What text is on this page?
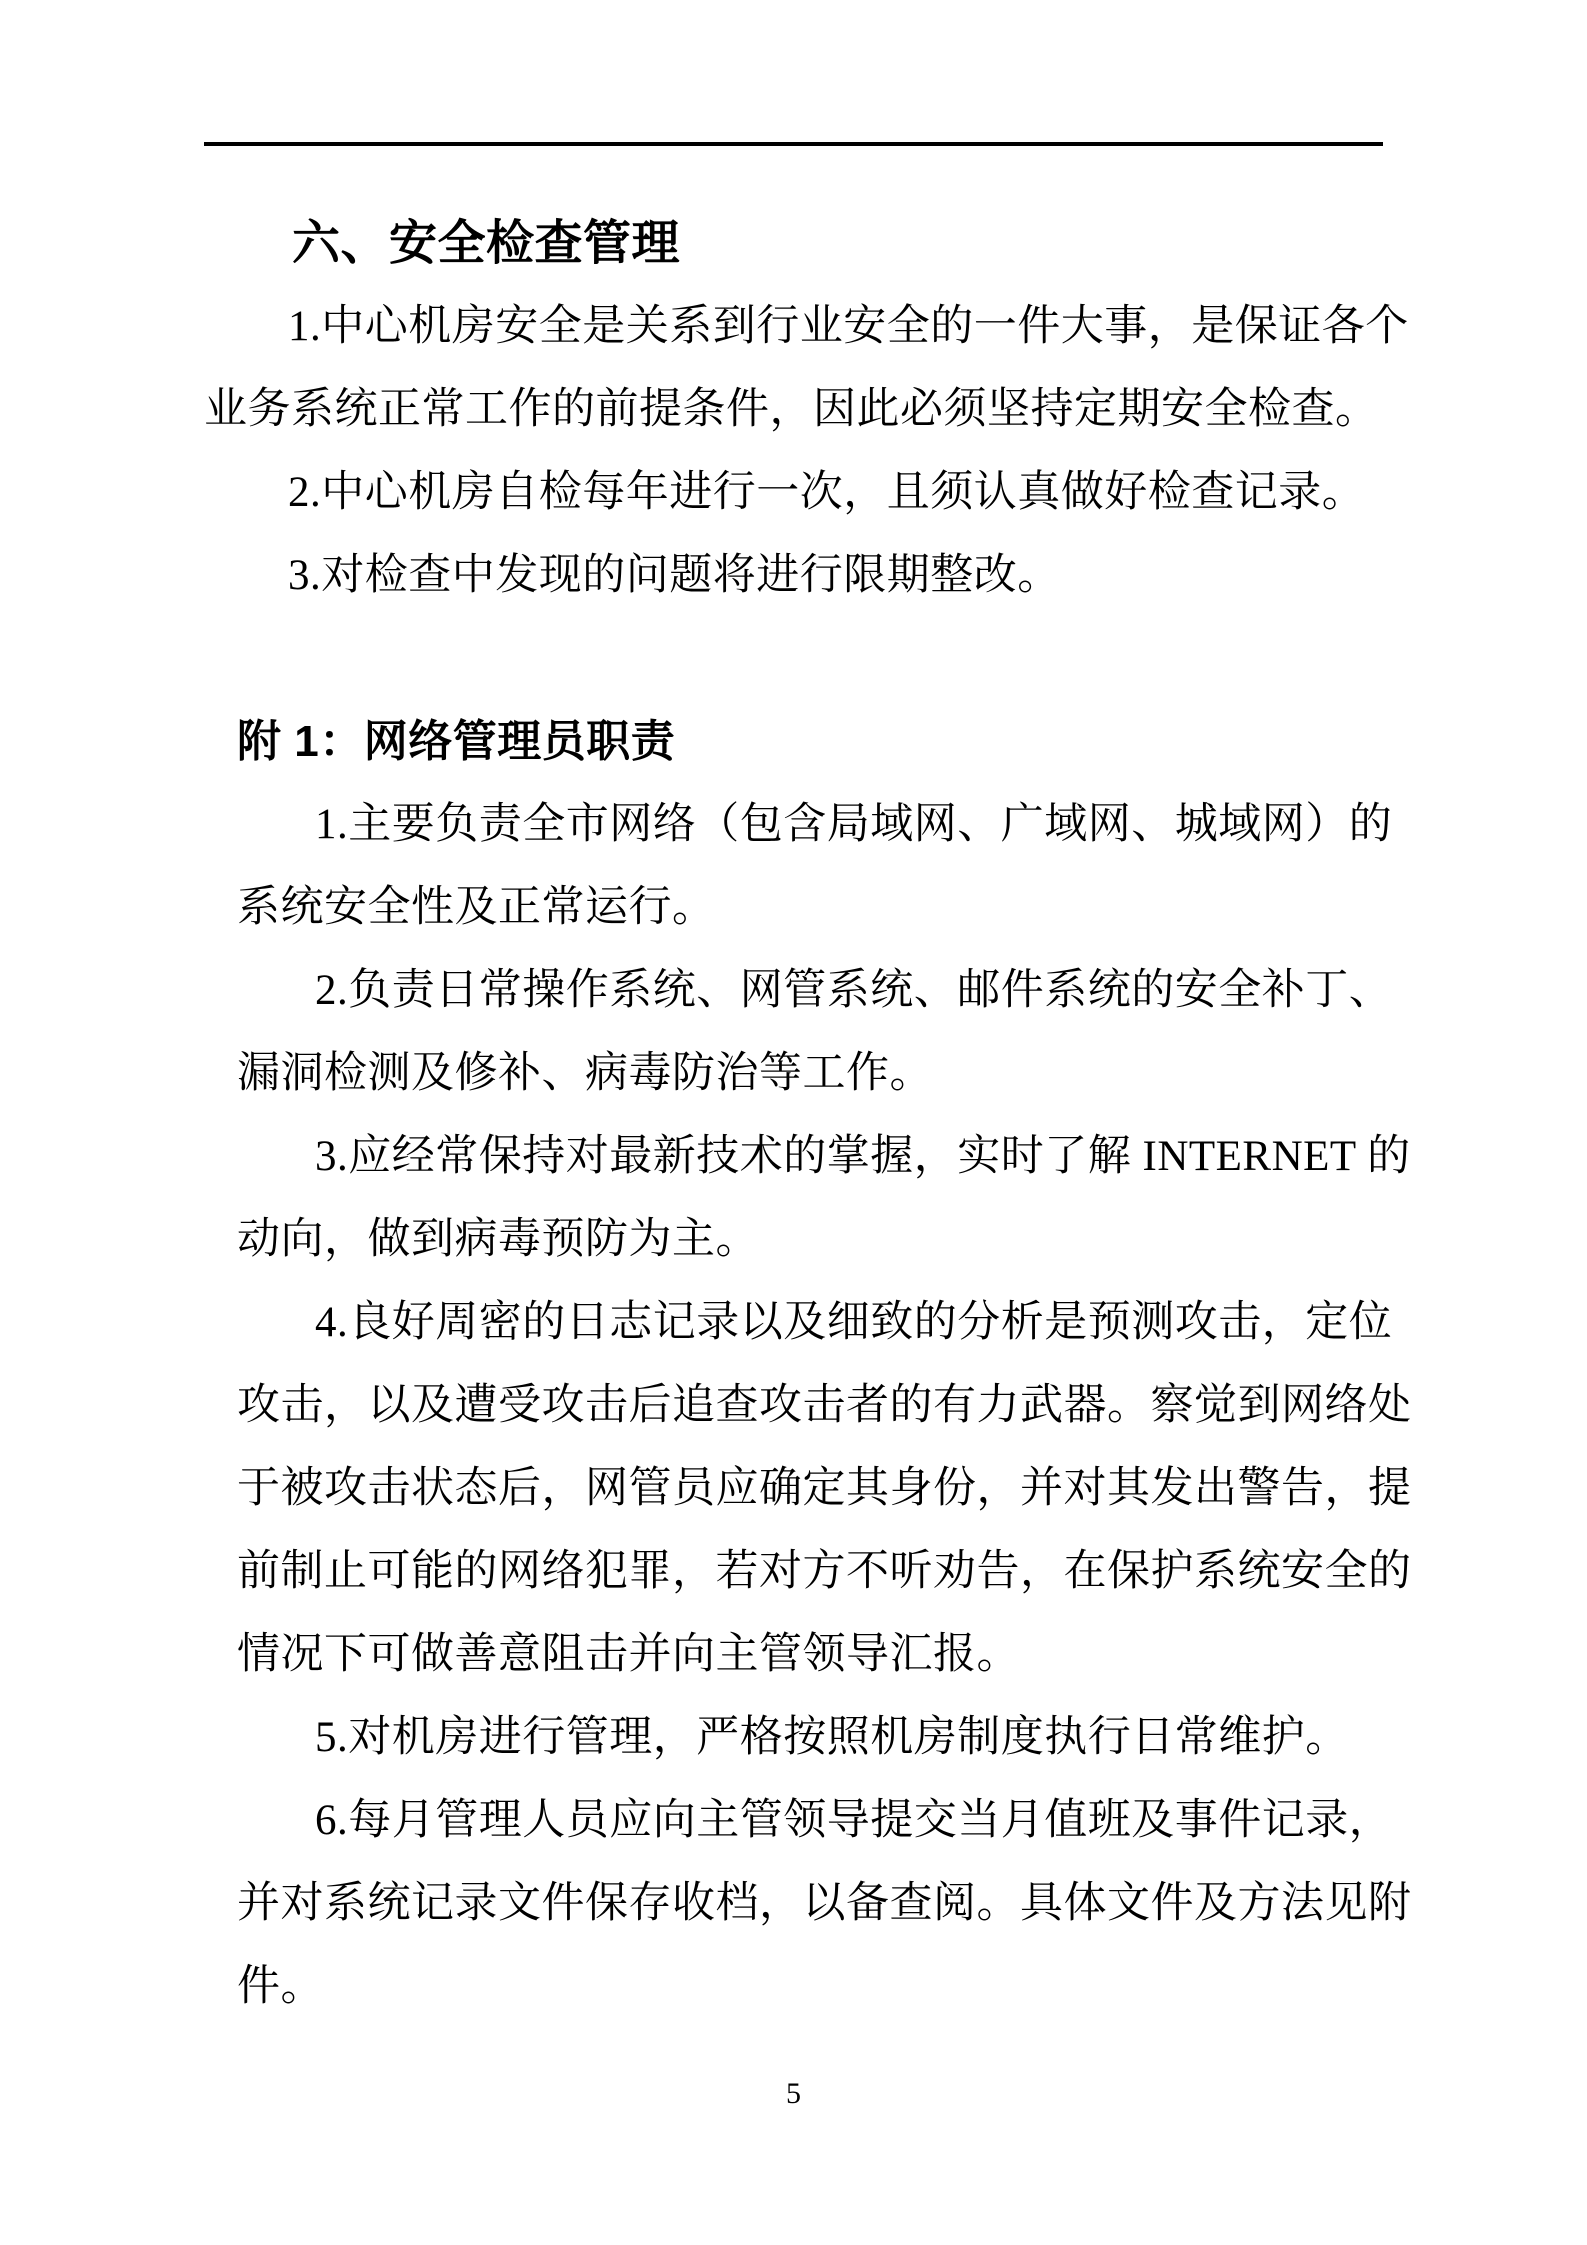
六、安全检查管理
1.中心机房安全是关系到行业安全的一件大事，是保证各个
业务系统正常工作的前提条件，因此必须坚持定期安全检查。
2.中心机房自检每年进行一次，且须认真做好检查记录。
3.对检查中发现的问题将进行限期整改。
附 1：网络管理员职责
1.主要负责全市网络（包含局域网、广域网、城域网）的
系统安全性及正常运行。
2.负责日常操作系统、网管系统、邮件系统的安全补丁、
漏洞检测及修补、病毒防治等工作。
3.应经常保持对最新技术的掌握，实时了解 INTERNET 的
动向，做到病毒预防为主。
4.良好周密的日志记录以及细致的分析是预测攻击，定位
攻击，以及遭受攻击后追查攻击者的有力武器。察觉到网络处
于被攻击状态后，网管员应确定其身份，并对其发出警告，提
前制止可能的网络犯罪，若对方不听劝告，在保护系统安全的
情况下可做善意阻击并向主管领导汇报。
5.对机房进行管理，严格按照机房制度执行日常维护。
6.每月管理人员应向主管领导提交当月值班及事件记录，
并对系统记录文件保存收档，以备查阅。具体文件及方法见附
件。
5
